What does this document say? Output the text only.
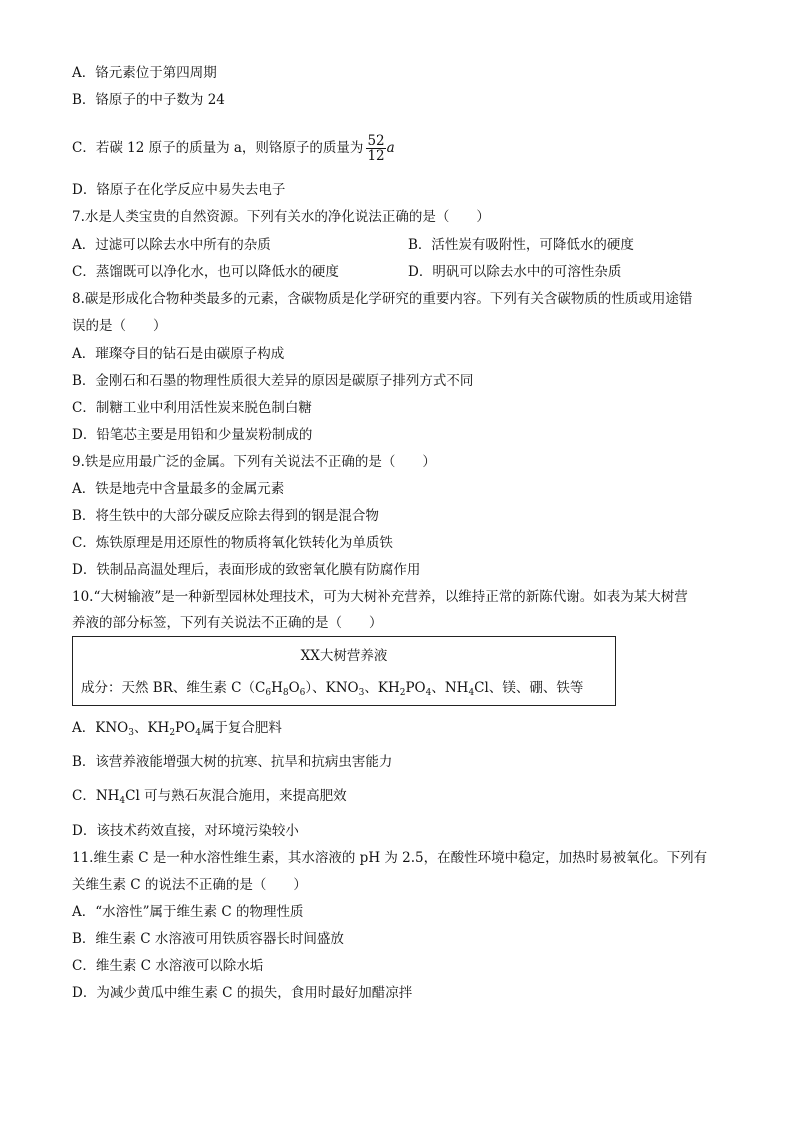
A．铬元素位于第四周期
B．铬原子的中子数为 24
C．若碳 12 原子的质量为 a，则铬原子的质量为 $\frac{52}{12}$ a
D．铬原子在化学反应中易失去电子
7.水是人类宝贵的自然资源。下列有关水的净化说法正确的是（　　）
A．过滤可以除去水中所有的杂质	B．活性炭有吸附性，可降低水的硬度
C．蒸馏既可以净化水，也可以降低水的硬度	D．明矾可以除去水中的可溶性杂质
8.碳是形成化合物种类最多的元素，含碳物质是化学研究的重要内容。下列有关含碳物质的性质或用途错
误的是（　　）
A．璀璨夺目的钻石是由碳原子构成
B．金刚石和石墨的物理性质很大差异的原因是碳原子排列方式不同
C．制糖工业中利用活性炭来脱色制白糖
D．铅笔芯主要是用铅和少量炭粉制成的
9.铁是应用最广泛的金属。下列有关说法不正确的是（　　）
A．铁是地壳中含量最多的金属元素
B．将生铁中的大部分碳反应除去得到的钢是混合物
C．炼铁原理是用还原性的物质将氧化铁转化为单质铁
D．铁制品高温处理后，表面形成的致密氧化膜有防腐作用
10.“大树输液”是一种新型园林处理技术，可为大树补充营养，以维持正常的新陈代谢。如表为某大树营
养液的部分标签，下列有关说法不正确的是（　　）
XX大树营养液
成分：天然 BR、维生素 $C(C_6H_8O_6)$、$KNO_3$、$KH_2PO_4$、$NH_4Cl$、镁、硼、铁等
A．$KNO_3$、$KH_2PO_4$属于复合肥料
B．该营养液能增强大树的抗寒、抗旱和抗病虫害能力
C．$NH_4Cl$ 可与熟石灰混合施用，来提高肥效
D．该技术药效直接，对环境污染较小
11.维生素 C 是一种水溶性维生素，其水溶液的 pH 为 2.5，在酸性环境中稳定，加热时易被氧化。下列有
关维生素 C 的说法不正确的是（　　）
A．“水溶性”属于维生素 C 的物理性质
B．维生素 C 水溶液可用铁质容器长时间盛放
C．维生素 C 水溶液可以除水垢
D．为减少黄瓜中维生素 C 的损失，食用时最好加醋凉拌
